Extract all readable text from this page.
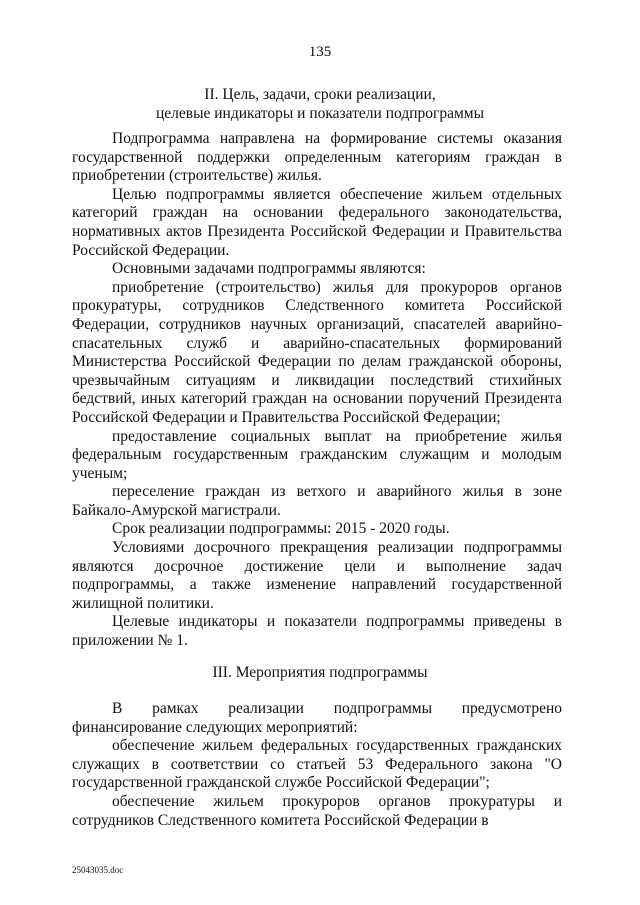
135
II. Цель, задачи, сроки реализации,
целевые индикаторы и показатели подпрограммы

Подпрограмма направлена на формирование системы оказания государственной поддержки определенным категориям граждан в приобретении (строительстве) жилья.

Целью подпрограммы является обеспечение жильем отдельных категорий граждан на основании федерального законодательства, нормативных актов Президента Российской Федерации и Правительства Российской Федерации.

Основными задачами подпрограммы являются:

приобретение (строительство) жилья для прокуроров органов прокуратуры, сотрудников Следственного комитета Российской Федерации, сотрудников научных организаций, спасателей аварийно-спасательных служб и аварийно-спасательных формирований Министерства Российской Федерации по делам гражданской обороны, чрезвычайным ситуациям и ликвидации последствий стихийных бедствий, иных категорий граждан на основании поручений Президента Российской Федерации и Правительства Российской Федерации;

предоставление социальных выплат на приобретение жилья федеральным государственным гражданским служащим и молодым ученым;

переселение граждан из ветхого и аварийного жилья в зоне Байкало-Амурской магистрали.

Срок реализации подпрограммы: 2015 - 2020 годы.

Условиями досрочного прекращения реализации подпрограммы являются досрочное достижение цели и выполнение задач подпрограммы, а также изменение направлений государственной жилищной политики.

Целевые индикаторы и показатели подпрограммы приведены в приложении № 1.

III. Мероприятия подпрограммы

В рамках реализации подпрограммы предусмотрено финансирование следующих мероприятий:

обеспечение жильем федеральных государственных гражданских служащих в соответствии со статьей 53 Федерального закона "О государственной гражданской службе Российской Федерации";

обеспечение жильем прокуроров органов прокуратуры и сотрудников Следственного комитета Российской Федерации в

25043035.doc
